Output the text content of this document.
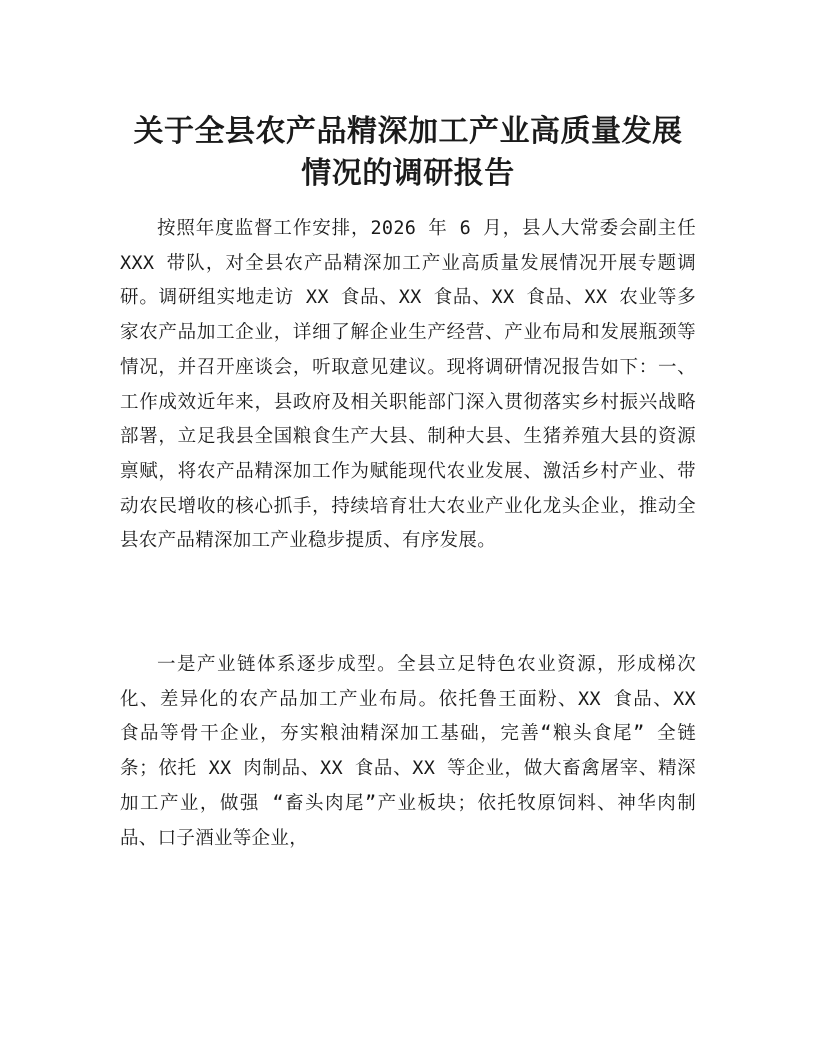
关于全县农产品精深加工产业高质量发展情况的调研报告

按照年度监督工作安排，2026 年 6 月，县人大常委会副主任 XXX 带队，对全县农产品精深加工产业高质量发展情况开展专题调研。调研组实地走访 XX 食品、XX 食品、XX 食品、XX 农业等多家农产品加工企业，详细了解企业生产经营、产业布局和发展瓶颈等情况，并召开座谈会，听取意见建议。现将调研情况报告如下：一、工作成效近年来，县政府及相关职能部门深入贯彻落实乡村振兴战略部署，立足我县全国粮食生产大县、制种大县、生猪养殖大县的资源禀赋，将农产品精深加工作为赋能现代农业发展、激活乡村产业、带动农民增收的核心抓手，持续培育壮大农业产业化龙头企业，推动全县农产品精深加工产业稳步提质、有序发展。

一是产业链体系逐步成型。全县立足特色农业资源，形成梯次化、差异化的农产品加工产业布局。依托鲁王面粉、XX 食品、XX 食品等骨干企业，夯实粮油精深加工基础，完善“粮头食尾” 全链条；依托 XX 肉制品、XX 食品、XX 等企业，做大畜禽屠宰、精深加工产业，做强 “畜头肉尾”产业板块；依托牧原饲料、神华肉制品、口子酒业等企业，
